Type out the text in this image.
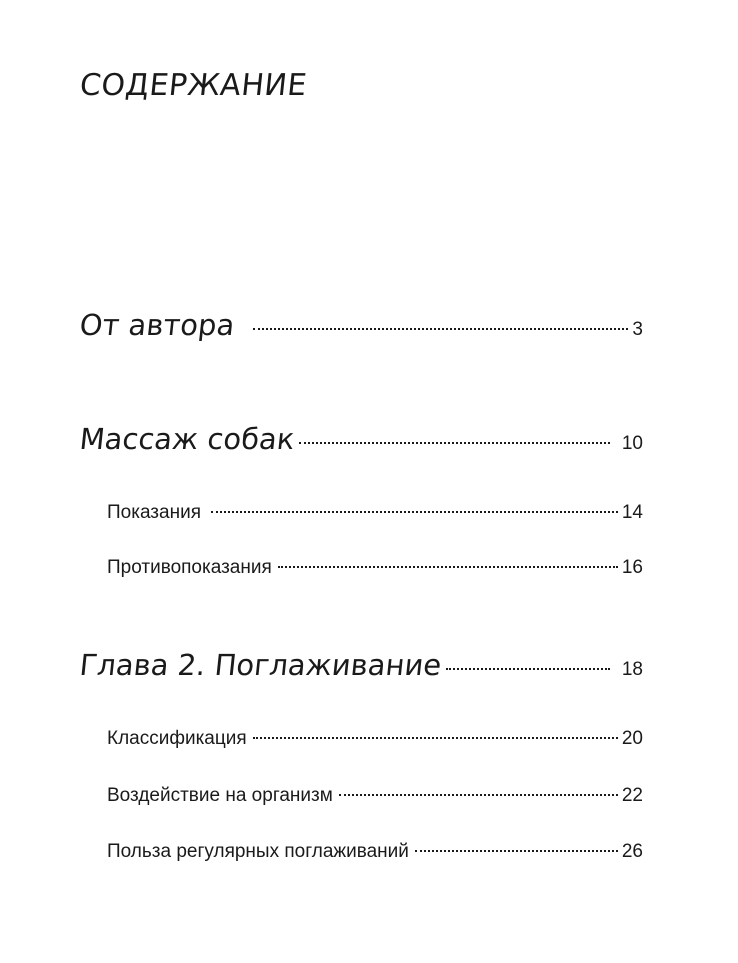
СОДЕРЖАНИЕ
От автора	3
Массаж собак	10
Показания	14
Противопоказания	16
Глава 2. Поглаживание	18
Классификация	20
Воздействие на организм	22
Польза регулярных поглаживаний	26
